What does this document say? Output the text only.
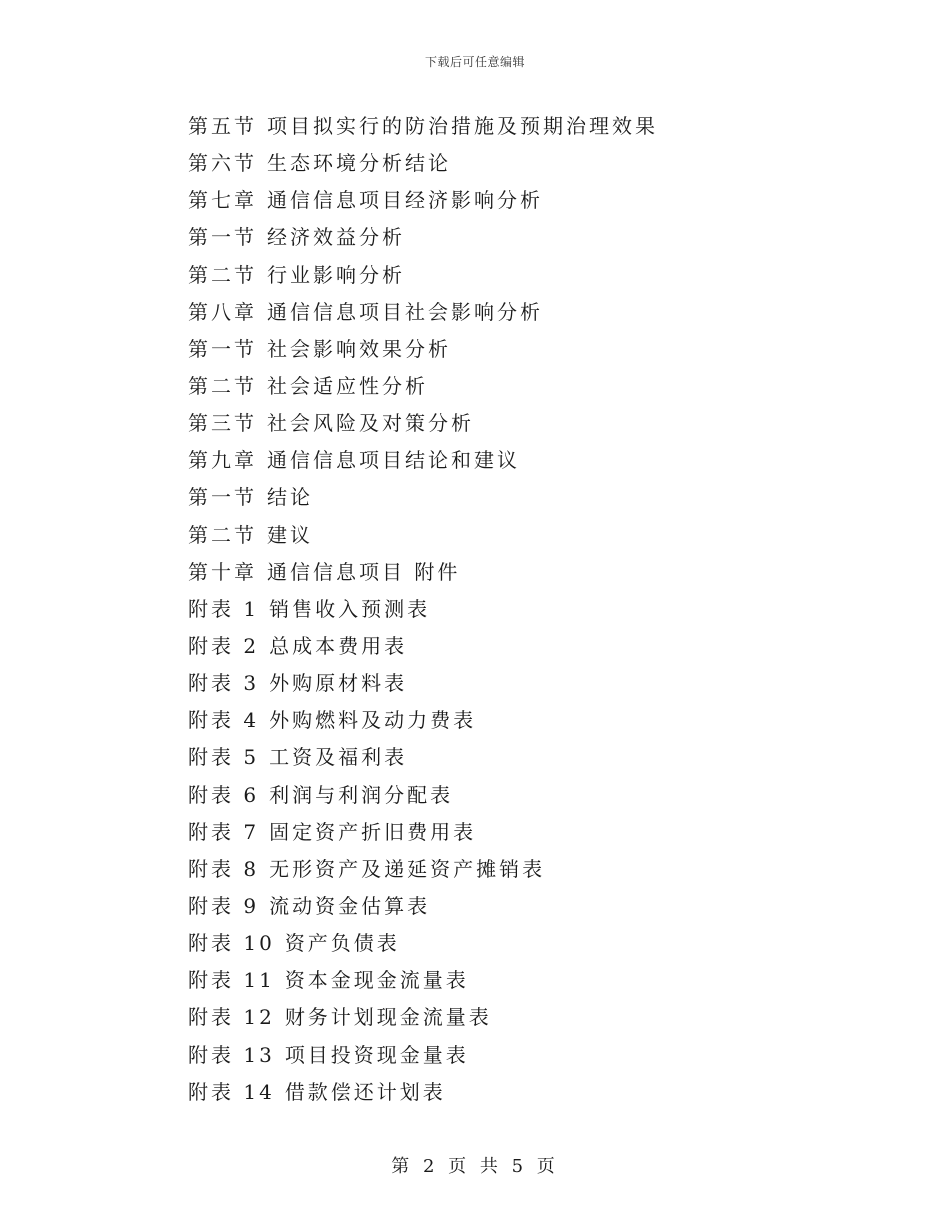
下载后可任意编辑
第五节 项目拟实行的防治措施及预期治理效果
第六节 生态环境分析结论
第七章 通信信息项目经济影响分析
第一节 经济效益分析
第二节 行业影响分析
第八章 通信信息项目社会影响分析
第一节 社会影响效果分析
第二节 社会适应性分析
第三节 社会风险及对策分析
第九章 通信信息项目结论和建议
第一节 结论
第二节 建议
第十章 通信信息项目 附件
附表 1 销售收入预测表
附表 2 总成本费用表
附表 3 外购原材料表
附表 4 外购燃料及动力费表
附表 5 工资及福利表
附表 6 利润与利润分配表
附表 7 固定资产折旧费用表
附表 8 无形资产及递延资产摊销表
附表 9 流动资金估算表
附表 10 资产负债表
附表 11 资本金现金流量表
附表 12 财务计划现金流量表
附表 13 项目投资现金量表
附表 14 借款偿还计划表
第 2 页 共 5 页
